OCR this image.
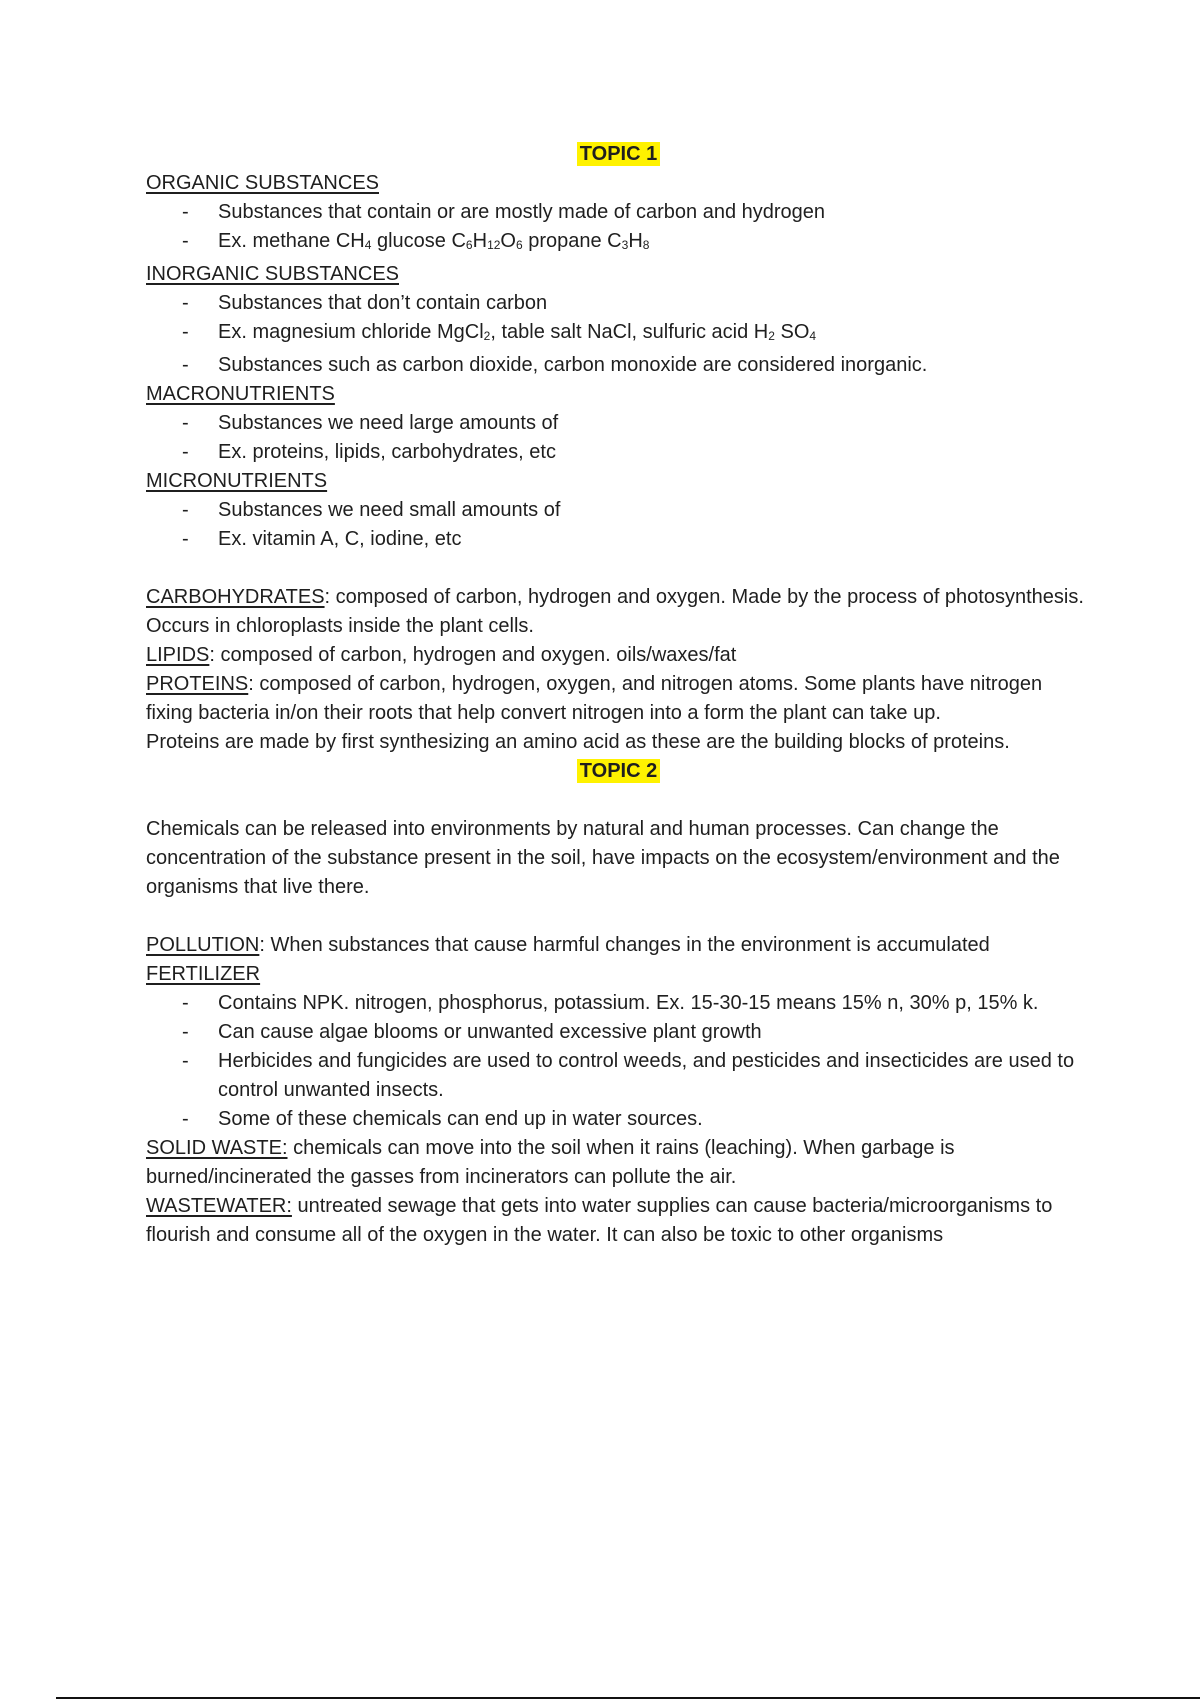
TOPIC 1

ORGANIC SUBSTANCES

- Substances that contain or are mostly made of carbon and hydrogen
- Ex. methane $CH_4$ glucose $C_6H_{12}O_6$ propane $C_3H_8$

INORGANIC SUBSTANCES

- Substances that don’t contain carbon
- Ex. magnesium chloride MgCl$_2$, table salt NaCl, sulfuric acid $H_2$ $SO_4$
- Substances such as carbon dioxide, carbon monoxide are considered inorganic.

MACRONUTRIENTS

- Substances we need large amounts of
- Ex. proteins, lipids, carbohydrates, etc

MICRONUTRIENTS

- Substances we need small amounts of
- Ex. vitamin A, C, iodine, etc

CARBOHYDRATES: composed of carbon, hydrogen and oxygen. Made by the process of photosynthesis. Occurs in chloroplasts inside the plant cells.

LIPIDS: composed of carbon, hydrogen and oxygen. oils/waxes/fat

PROTEINS: composed of carbon, hydrogen, oxygen, and nitrogen atoms. Some plants have nitrogen fixing bacteria in/on their roots that help convert nitrogen into a form the plant can take up.

Proteins are made by first synthesizing an amino acid as these are the building blocks of proteins.

TOPIC 2

Chemicals can be released into environments by natural and human processes. Can change the concentration of the substance present in the soil, have impacts on the ecosystem/environment and the organisms that live there.

POLLUTION: When substances that cause harmful changes in the environment is accumulated

FERTILIZER

- Contains NPK. nitrogen, phosphorus, potassium. Ex. 15-30-15 means 15% n, 30% p, 15% k.
- Can cause algae blooms or unwanted excessive plant growth
- Herbicides and fungicides are used to control weeds, and pesticides and insecticides are used to control unwanted insects.
- Some of these chemicals can end up in water sources.

SOLID WASTE: chemicals can move into the soil when it rains (leaching). When garbage is burned/incinerated the gasses from incinerators can pollute the air.

WASTEWATER: untreated sewage that gets into water supplies can cause bacteria/microorganisms to flourish and consume all of the oxygen in the water. It can also be toxic to other organisms
